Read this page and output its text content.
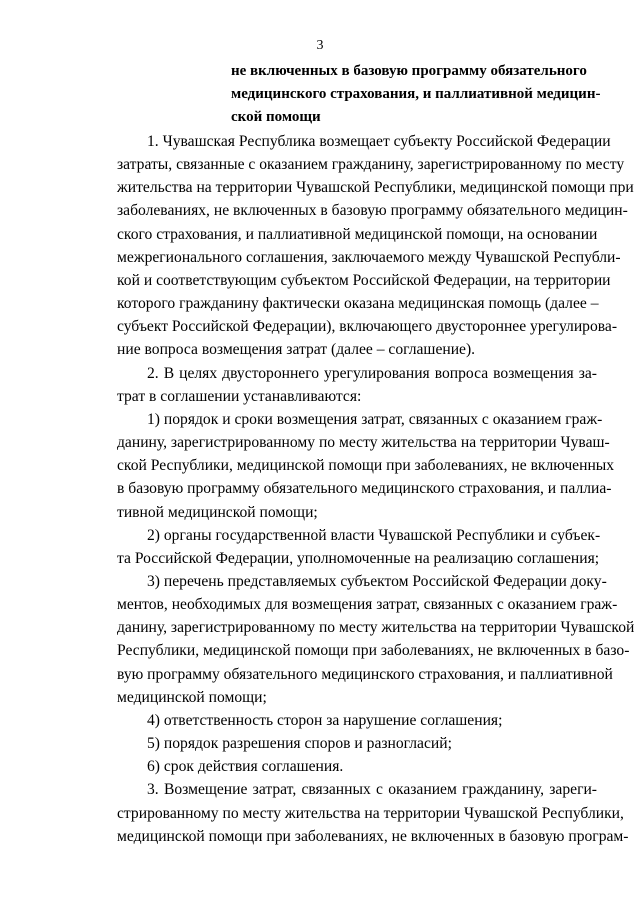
3
не включенных в базовую программу обязательного
медицинского страхования, и паллиативной медицин-
ской помощи
1. Чувашская Республика возмещает субъекту Российской Федерации
затраты, связанные с оказанием гражданину, зарегистрированному по месту
жительства на территории Чувашской Республики, медицинской помощи при
заболеваниях, не включенных в базовую программу обязательного медицин-
ского страхования, и паллиативной медицинской помощи, на основании
межрегионального соглашения, заключаемого между Чувашской Республи-
кой и соответствующим субъектом Российской Федерации, на территории
которого гражданину фактически оказана медицинская помощь (далее –
субъект Российской Федерации), включающего двустороннее урегулирова-
ние вопроса возмещения затрат (далее – соглашение).
2. В целях двустороннего урегулирования вопроса возмещения за-
трат в соглашении устанавливаются:
1) порядок и сроки возмещения затрат, связанных с оказанием граж-
данину, зарегистрированному по месту жительства на территории Чуваш-
ской Республики, медицинской помощи при заболеваниях, не включенных
в базовую программу обязательного медицинского страхования, и паллиа-
тивной медицинской помощи;
2) органы государственной власти Чувашской Республики и субъек-
та Российской Федерации, уполномоченные на реализацию соглашения;
3) перечень представляемых субъектом Российской Федерации доку-
ментов, необходимых для возмещения затрат, связанных с оказанием граж-
данину, зарегистрированному по месту жительства на территории Чувашской
Республики, медицинской помощи при заболеваниях, не включенных в базо-
вую программу обязательного медицинского страхования, и паллиативной
медицинской помощи;
4) ответственность сторон за нарушение соглашения;
5) порядок разрешения споров и разногласий;
6) срок действия соглашения.
3. Возмещение затрат, связанных с оказанием гражданину, зареги-
стрированному по месту жительства на территории Чувашской Республики,
медицинской помощи при заболеваниях, не включенных в базовую програм-
